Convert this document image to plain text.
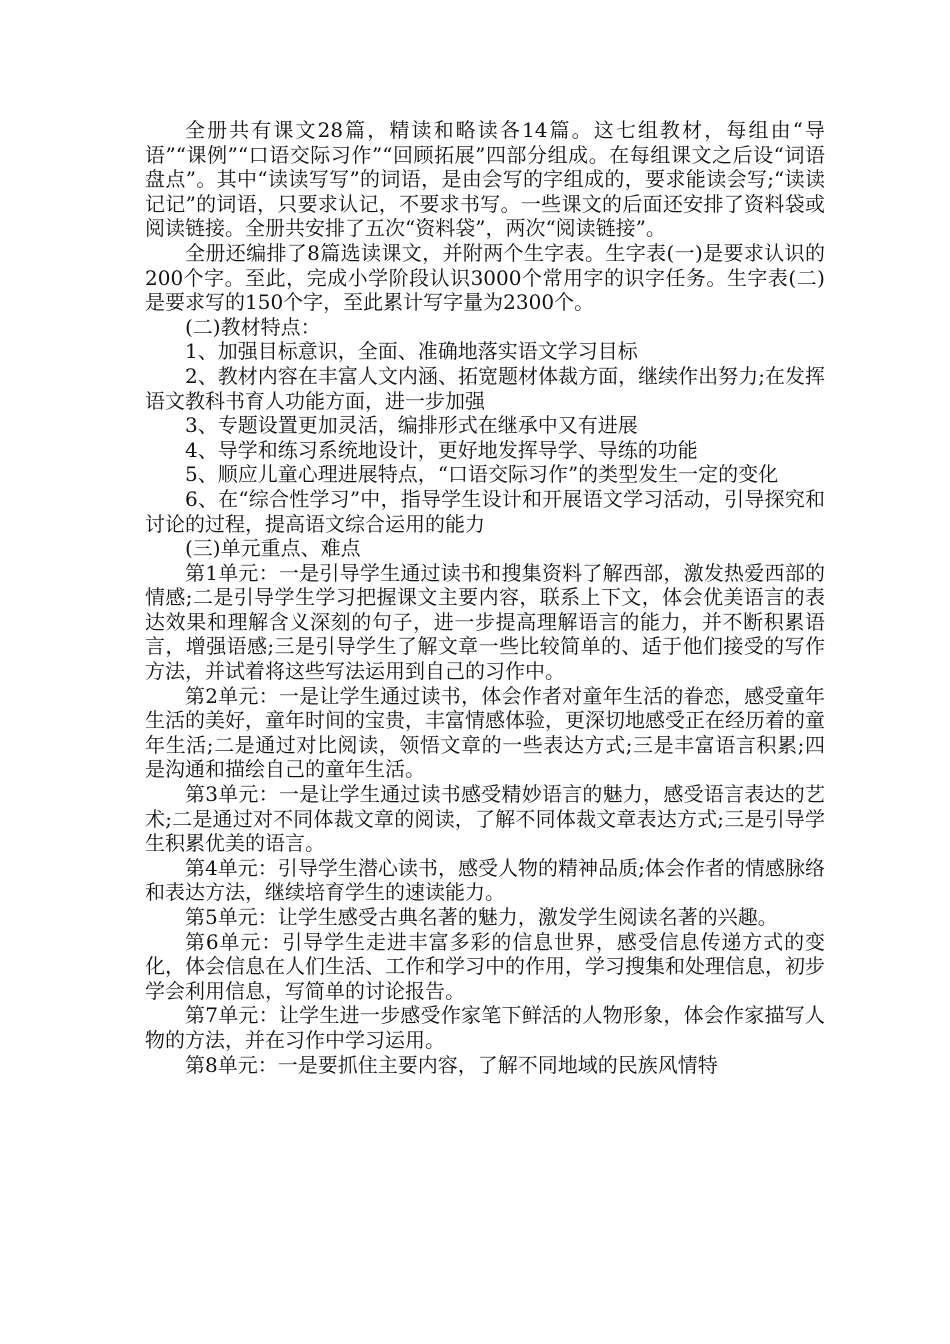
全册共有课文28篇，精读和略读各14篇。这七组教材，每组由“导语”“课例”“口语交际习作”“回顾拓展”四部分组成。在每组课文之后设“词语盘点”。其中“读读写写”的词语，是由会写的字组成的，要求能读会写;“读读记记”的词语，只要求认记，不要求书写。一些课文的后面还安排了资料袋或阅读链接。全册共安排了五次“资料袋”，两次“阅读链接”。

全册还编排了8篇选读课文，并附两个生字表。生字表(一)是要求认识的200个字。至此，完成小学阶段认识3000个常用字的识字任务。生字表(二)是要求写的150个字，至此累计写字量为2300个。

(二)教材特点：

1、加强目标意识，全面、准确地落实语文学习目标

2、教材内容在丰富人文内涵、拓宽题材体裁方面，继续作出努力;在发挥语文教科书育人功能方面，进一步加强

3、专题设置更加灵活，编排形式在继承中又有进展

4、导学和练习系统地设计，更好地发挥导学、导练的功能

5、顺应儿童心理进展特点，“口语交际习作”的类型发生一定的变化

6、在“综合性学习”中，指导学生设计和开展语文学习活动，引导探究和讨论的过程，提高语文综合运用的能力

(三)单元重点、难点

第1单元：一是引导学生通过读书和搜集资料了解西部，激发热爱西部的情感;二是引导学生学习把握课文主要内容，联系上下文，体会优美语言的表达效果和理解含义深刻的句子，进一步提高理解语言的能力，并不断积累语言，增强语感;三是引导学生了解文章一些比较简单的、适于他们接受的写作方法，并试着将这些写法运用到自己的习作中。

第2单元：一是让学生通过读书，体会作者对童年生活的眷恋，感受童年生活的美好，童年时间的宝贵，丰富情感体验，更深切地感受正在经历着的童年生活;二是通过对比阅读，领悟文章的一些表达方式;三是丰富语言积累;四是沟通和描绘自己的童年生活。

第3单元：一是让学生通过读书感受精妙语言的魅力，感受语言表达的艺术;二是通过对不同体裁文章的阅读，了解不同体裁文章表达方式;三是引导学生积累优美的语言。

第4单元：引导学生潜心读书，感受人物的精神品质;体会作者的情感脉络和表达方法，继续培育学生的速读能力。

第5单元：让学生感受古典名著的魅力，激发学生阅读名著的兴趣。

第6单元：引导学生走进丰富多彩的信息世界，感受信息传递方式的变化，体会信息在人们生活、工作和学习中的作用，学习搜集和处理信息，初步学会利用信息，写简单的讨论报告。

第7单元：让学生进一步感受作家笔下鲜活的人物形象，体会作家描写人物的方法，并在习作中学习运用。

第8单元：一是要抓住主要内容，了解不同地域的民族风情特
